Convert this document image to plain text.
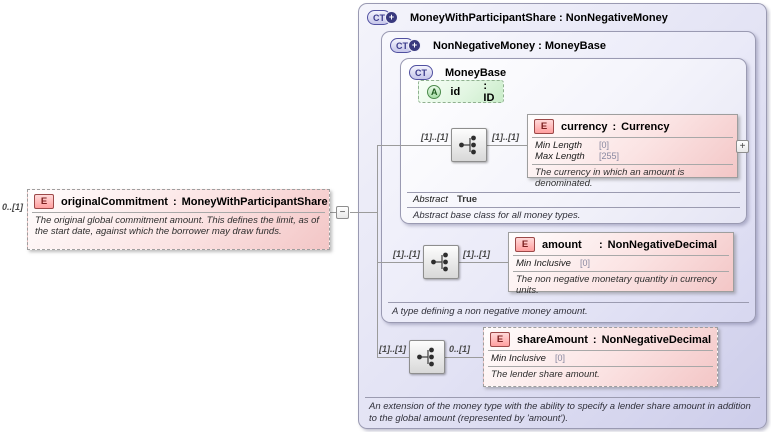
CT +	MoneyWithParticipantShare : NonNegativeMoney
An extension of the money type with the ability to specify a lender share amount in addition to the global amount (represented by 'amount').
CT +	NonNegativeMoney : MoneyBase
A type defining a non negative money amount.
CT	MoneyBase
Abstract True
Abstract base class for all money types.
0..[1]
[1]..[1]	[1]..[1]
[1]..[1]	[1]..[1]
[1]..[1]	0..[1]
E	originalCommitment : MoneyWithParticipantShare
The original global commitment amount. This defines the limit, as of the start date, against which the borrower may draw funds.
−
A	id	: ID
E	currency : Currency
Min Length	[0]
Max Length	[255]
The currency in which an amount is denominated.
+
E	amount	: NonNegativeDecimal
Min Inclusive	[0]
The non negative monetary quantity in currency units.
E	shareAmount : NonNegativeDecimal
Min Inclusive	[0]
The lender share amount.
